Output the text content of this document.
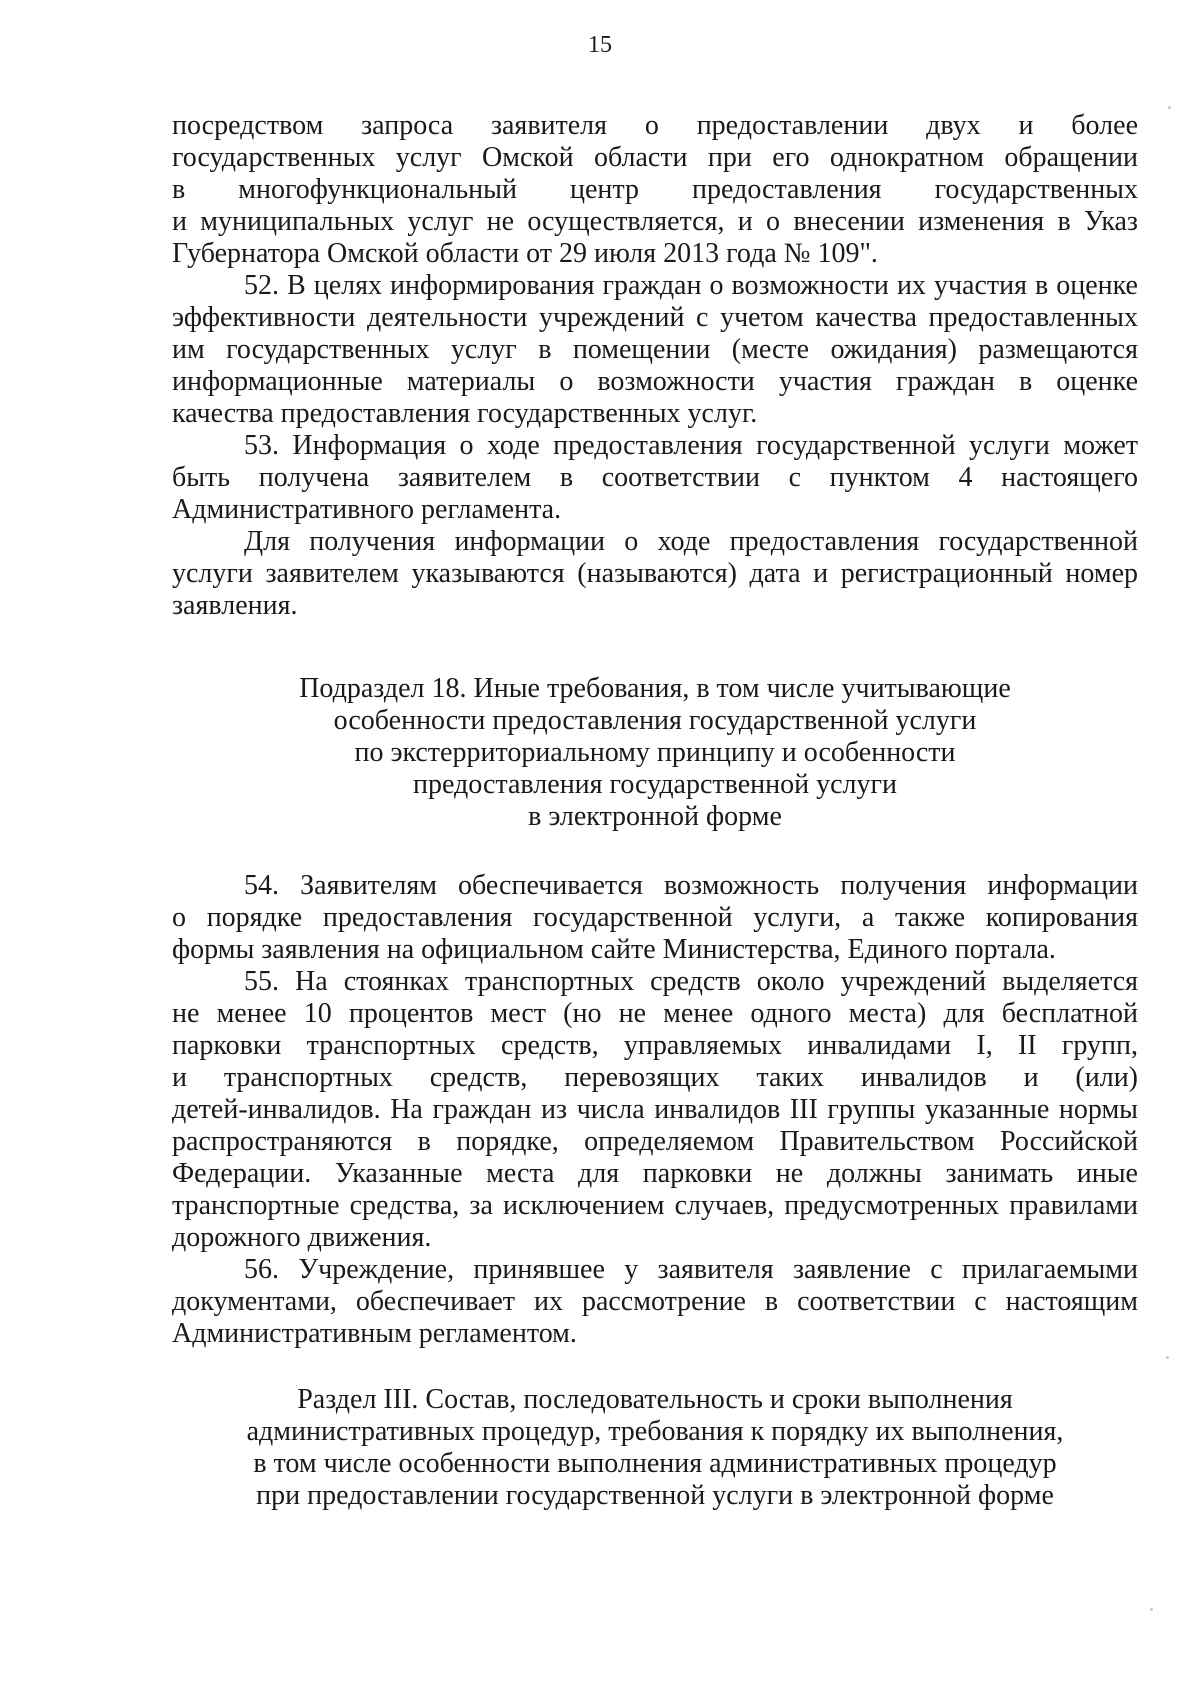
15
посредством запроса заявителя о предоставлении двух и более
государственных услуг Омской области при его однократном обращении
в многофункциональный центр предоставления государственных
и муниципальных услуг не осуществляется, и о внесении изменения в Указ
Губернатора Омской области от 29 июля 2013 года № 109".
52. В целях информирования граждан о возможности их участия в оценке
эффективности деятельности учреждений с учетом качества предоставленных
им государственных услуг в помещении (месте ожидания) размещаются
информационные материалы о возможности участия граждан в оценке
качества предоставления государственных услуг.
53. Информация о ходе предоставления государственной услуги может
быть получена заявителем в соответствии с пунктом 4 настоящего
Административного регламента.
Для получения информации о ходе предоставления государственной
услуги заявителем указываются (называются) дата и регистрационный номер
заявления.
Подраздел 18. Иные требования, в том числе учитывающие
особенности предоставления государственной услуги
по экстерриториальному принципу и особенности
предоставления государственной услуги
в электронной форме
54. Заявителям обеспечивается возможность получения информации
о порядке предоставления государственной услуги, а также копирования
формы заявления на официальном сайте Министерства, Единого портала.
55. На стоянках транспортных средств около учреждений выделяется
не менее 10 процентов мест (но не менее одного места) для бесплатной
парковки транспортных средств, управляемых инвалидами I, II групп,
и транспортных средств, перевозящих таких инвалидов и (или)
детей-инвалидов. На граждан из числа инвалидов III группы указанные нормы
распространяются в порядке, определяемом Правительством Российской
Федерации. Указанные места для парковки не должны занимать иные
транспортные средства, за исключением случаев, предусмотренных правилами
дорожного движения.
56. Учреждение, принявшее у заявителя заявление с прилагаемыми
документами, обеспечивает их рассмотрение в соответствии с настоящим
Административным регламентом.
Раздел III. Состав, последовательность и сроки выполнения
административных процедур, требования к порядку их выполнения,
в том числе особенности выполнения административных процедур
при предоставлении государственной услуги в электронной форме
